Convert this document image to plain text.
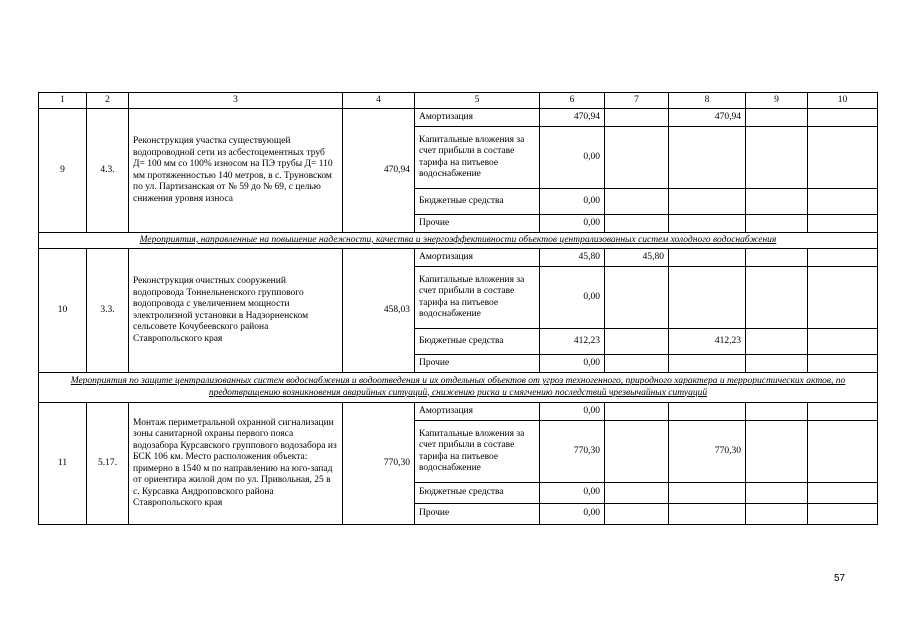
1	2	3	4	5	6	7	8	9	10
9	4.3.	Реконструкция участка существующей водопроводной сети из асбестоцементных труб Д= 100 мм со 100% износом на ПЭ трубы Д= 110 мм протяженностью 140 метров, в с. Труновском по ул. Партизанская от № 59 до № 69, с целью снижения уровня износа	470,94	Амортизация	470,94		470,94		
				Капитальные вложения за счет прибыли в составе тарифа на питьевое водоснабжение	0,00				
				Бюджетные средства	0,00				
				Прочие	0,00				
Мероприятия, направленные на повышение надежности, качества и энергоэффективности объектов централизованных систем холодного водоснабжения									
10	3.3.	Реконструкция очистных сооружений водопровода Тоннельненского группового водопровода с увеличением мощности электролизной установки в Надзорненском сельсовете Кочубеевского района Ставропольского края	458,03	Амортизация	45,80	45,80			
				Капитальные вложения за счет прибыли в составе тарифа на питьевое водоснабжение	0,00				
				Бюджетные средства	412,23		412,23		
				Прочие	0,00				
Мероприятия по защите централизованных систем водоснабжения и водоотведения и их отдельных объектов от угроз техногенного, природного характера и террористических актов, по предотвращению возникновения аварийных ситуаций, снижению риска и смягчению последствий чрезвычайных ситуаций									
11	5.17.	Монтаж периметральной охранной сигнализации зоны санитарной охраны первого пояса водозабора Курсавского группового водозабора из БСК 106 км. Место расположения объекта: примерно в 1540 м по направлению на юго-запад от ориентира жилой дом по ул. Привольная, 25 в с. Курсавка Андроповского района Ставропольского края	770,30	Амортизация	0,00				
				Капитальные вложения за счет прибыли в составе тарифа на питьевое водоснабжение	770,30		770,30		
				Бюджетные средства	0,00				
				Прочие	0,00				
57
